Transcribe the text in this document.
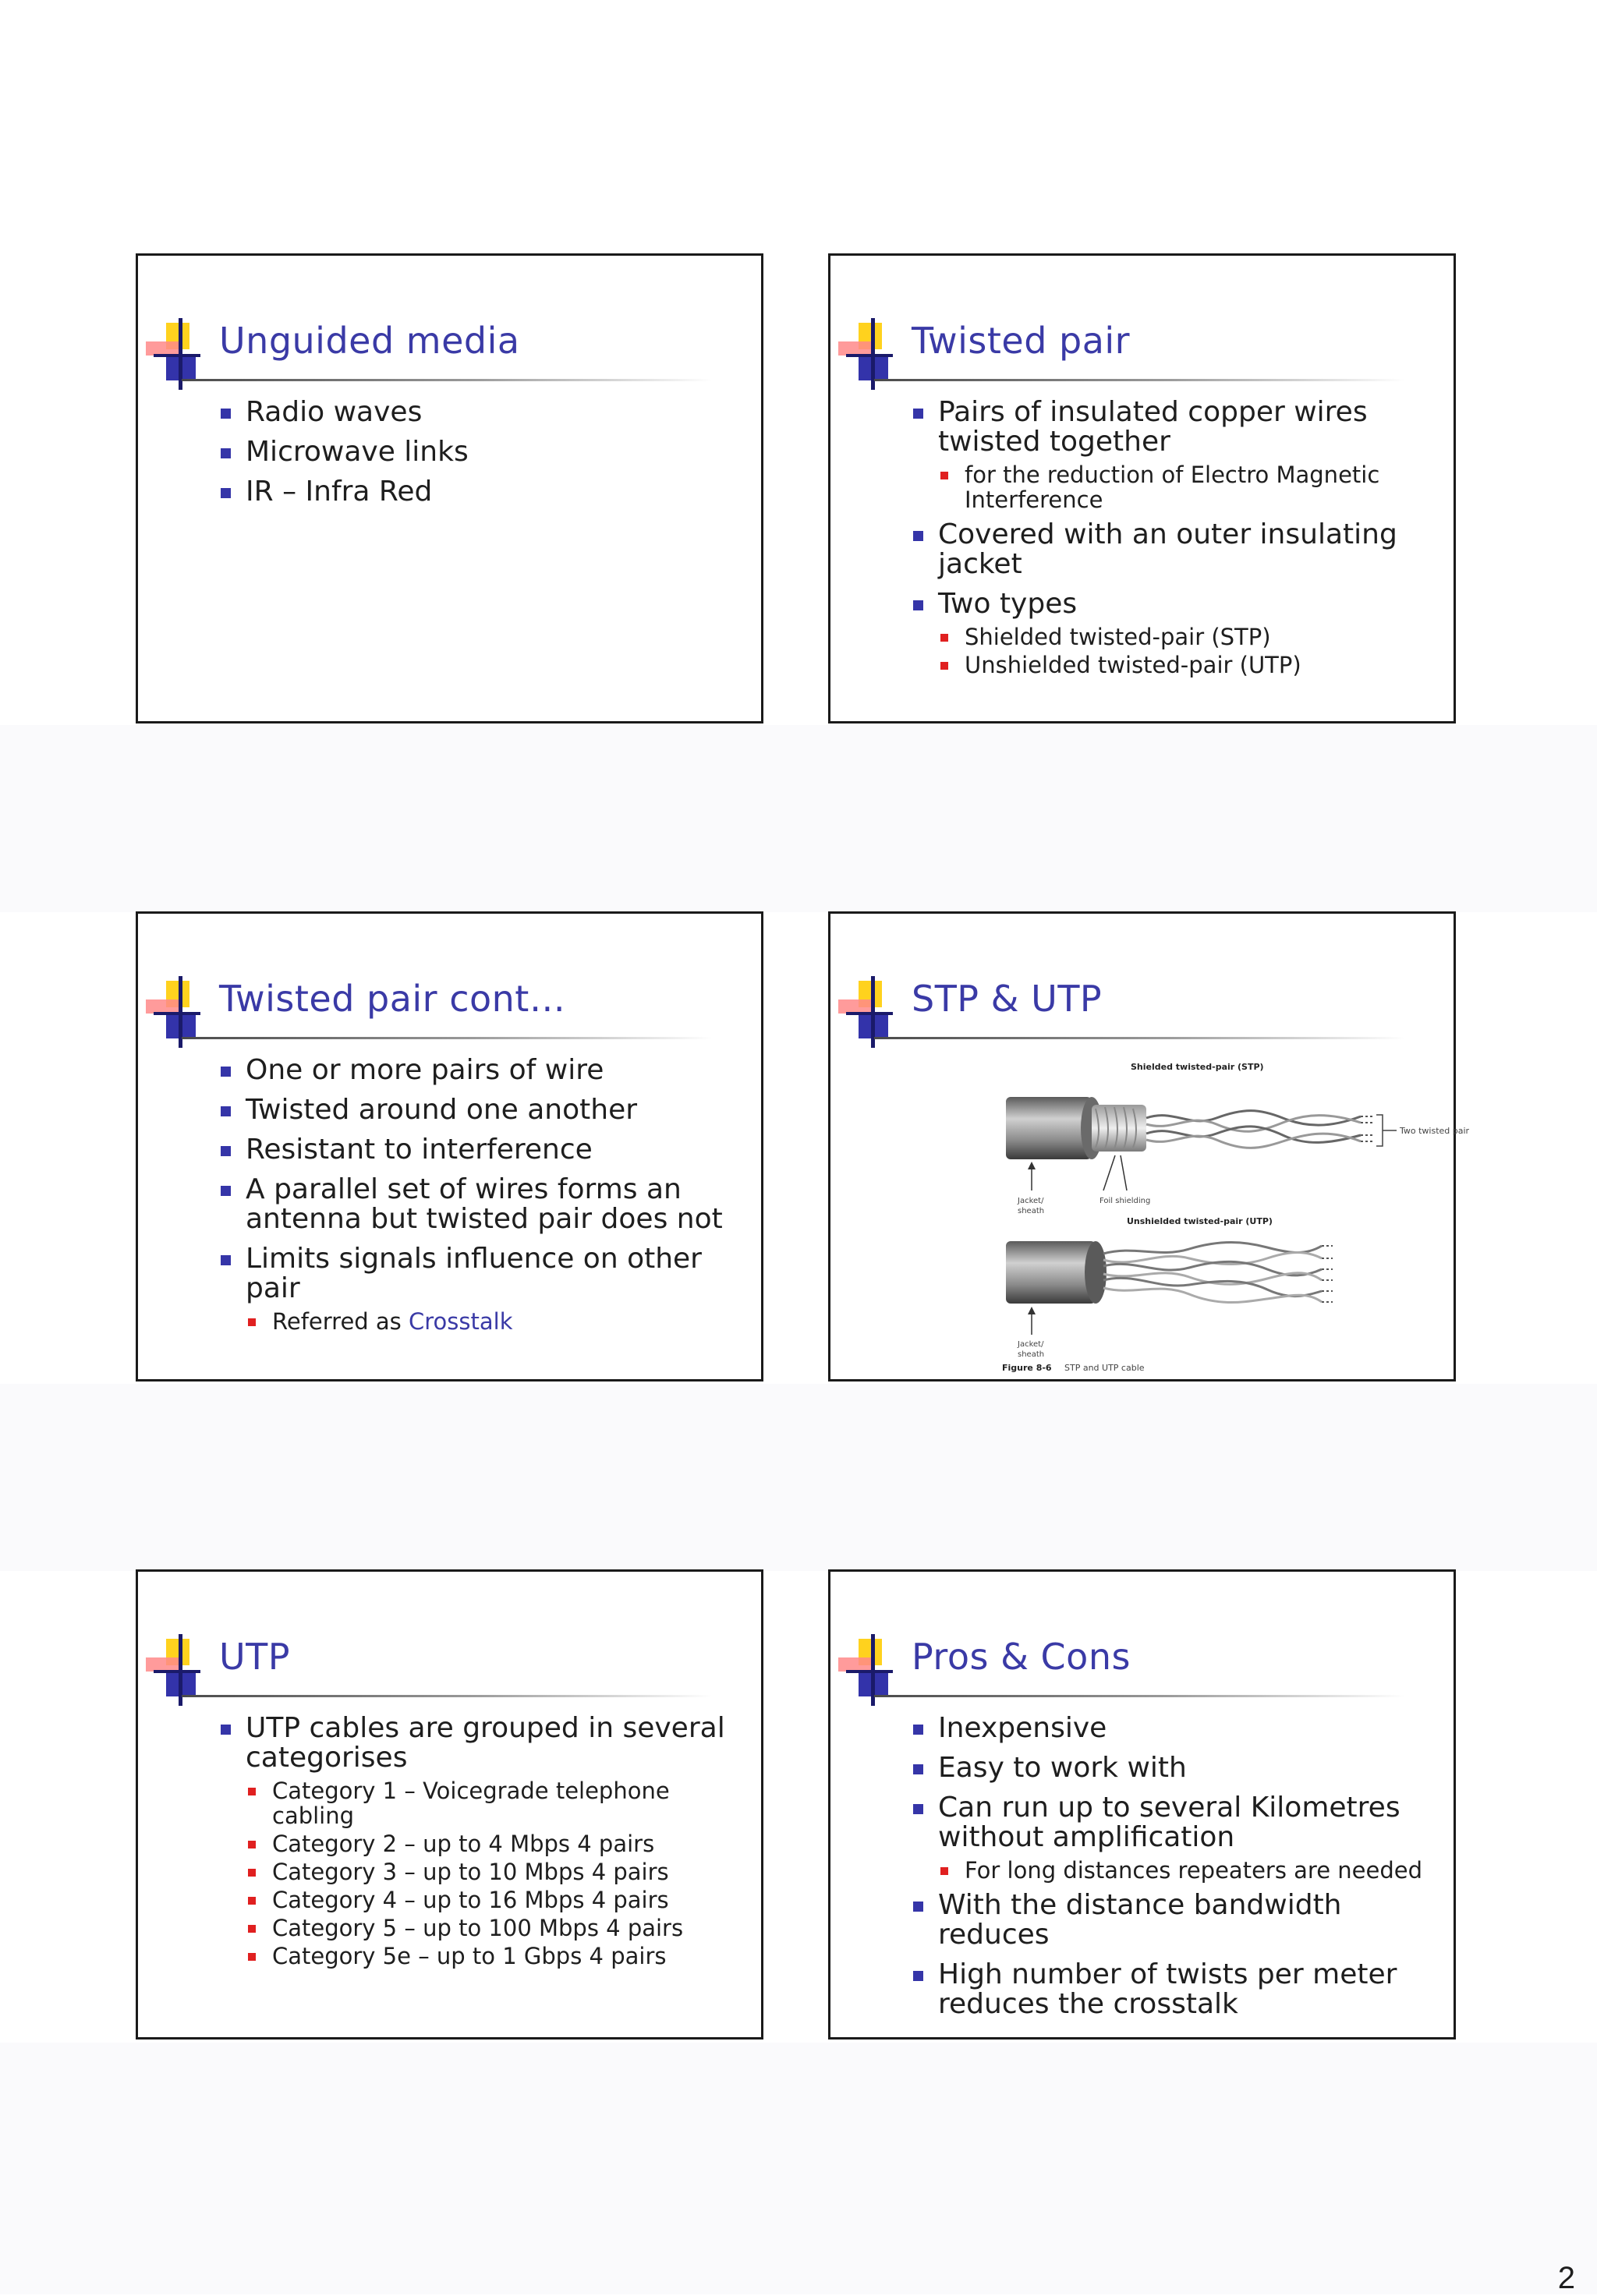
Unguided media
Radio waves
Microwave links
IR – Infra Red
Twisted pair
Pairs of insulated copper wires twisted together
for the reduction of Electro Magnetic Interference
Covered with an outer insulating jacket
Two types
Shielded twisted-pair (STP)
Unshielded twisted-pair (UTP)
Twisted pair cont…
One or more pairs of wire
Twisted around one another
Resistant to interference
A parallel set of wires forms an antenna but twisted pair does not
Limits signals influence on other pair
Referred as Crosstalk
STP & UTP
Shielded twisted-pair (STP)
Two twisted pair
Jacket/
sheath
Foil shielding
Unshielded twisted-pair (UTP)
Jacket/
sheath
Figure 8-6 STP and UTP cable
UTP
UTP cables are grouped in several categorises
Category 1 – Voicegrade telephone cabling
Category 2 – up to 4 Mbps 4 pairs
Category 3 – up to 10 Mbps 4 pairs
Category 4 – up to 16 Mbps 4 pairs
Category 5 – up to 100 Mbps 4 pairs
Category 5e – up to 1 Gbps 4 pairs
Pros & Cons
Inexpensive
Easy to work with
Can run up to several Kilometres without amplification
For long distances repeaters are needed
With the distance bandwidth reduces
High number of twists per meter reduces the crosstalk
2
